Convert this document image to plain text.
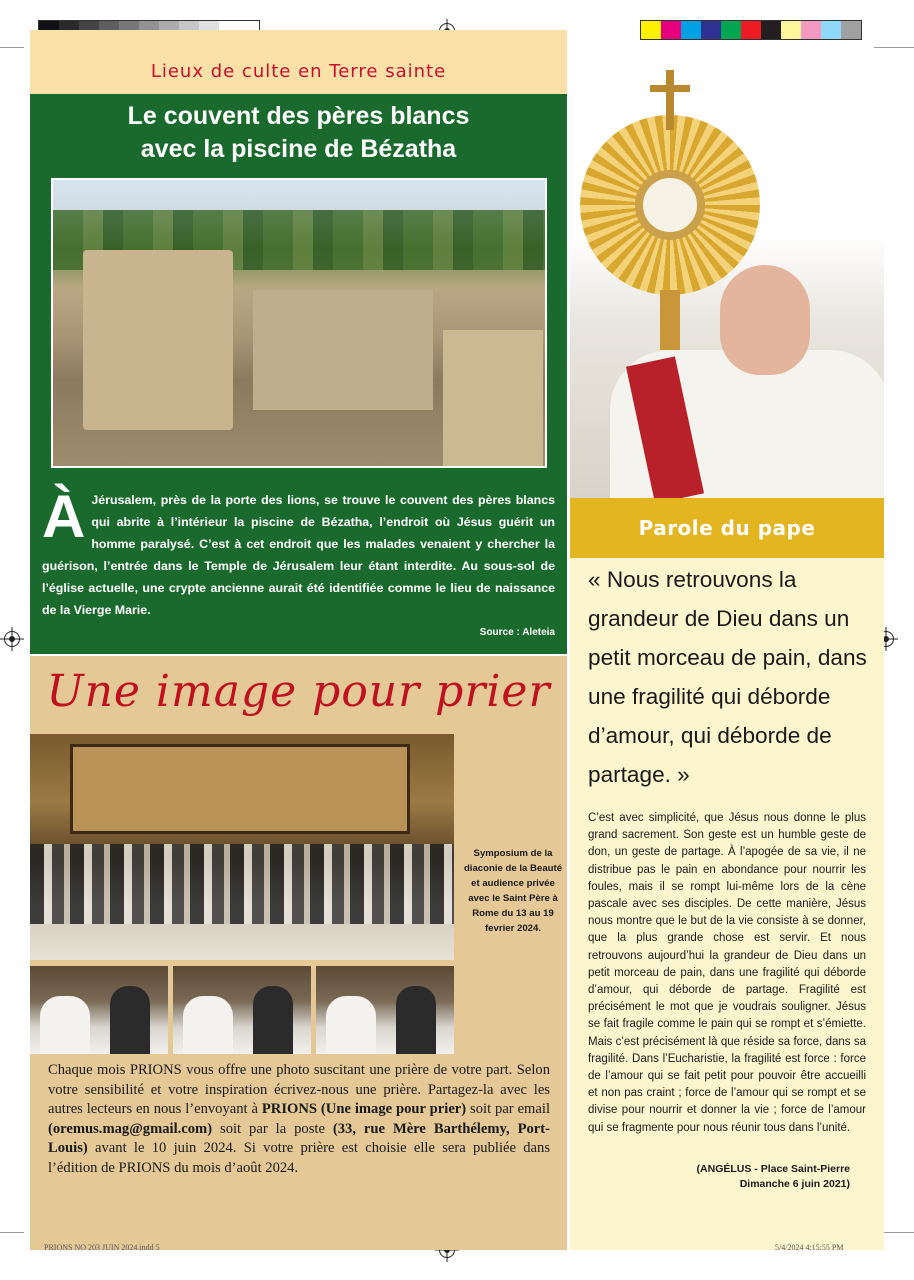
Lieux de culte en Terre sainte
Le couvent des pères blancs
avec la piscine de Bézatha
À Jérusalem, près de la porte des lions, se trouve le couvent des pères blancs qui abrite à l’intérieur la piscine de Bézatha, l’endroit où Jésus guérit un homme paralysé. C’est à cet endroit que les malades venaient y chercher la guérison, l’entrée dans le Temple de Jérusalem leur étant interdite. Au sous-sol de l’église actuelle, une crypte ancienne aurait été identifiée comme le lieu de naissance de la Vierge Marie.
Source : Aleteia
Une image pour prier
Symposium de la diaconie de la Beauté et audience privée avec le Saint Père à Rome du 13 au 19 fevrier 2024.
Chaque mois PRIONS vous offre une photo suscitant une prière de votre part. Selon votre sensibilité et votre inspiration écrivez-nous une prière. Partagez-la avec les autres lecteurs en nous l’envoyant à PRIONS (Une image pour prier) soit par email (oremus.mag@gmail.com) soit par la poste (33, rue Mère Barthélemy, Port-Louis) avant le 10 juin 2024. Si votre prière est choisie elle sera publiée dans l’édition de PRIONS du mois d’août 2024.
Parole du pape
« Nous retrouvons la grandeur de Dieu dans un petit morceau de pain, dans une fragilité qui déborde d’amour, qui déborde de partage. »
C’est avec simplicité, que Jésus nous donne le plus grand sacrement. Son geste est un humble geste de don, un geste de partage. À l’apogée de sa vie, il ne distribue pas le pain en abondance pour nourrir les foules, mais il se rompt lui-même lors de la cène pascale avec ses disciples. De cette manière, Jésus nous montre que le but de la vie consiste à se donner, que la plus grande chose est servir. Et nous retrouvons aujourd’hui la grandeur de Dieu dans un petit morceau de pain, dans une fragilité qui déborde d’amour, qui déborde de partage. Fragilité est précisément le mot que je voudrais souligner. Jésus se fait fragile comme le pain qui se rompt et s’émiette. Mais c’est précisément là que réside sa force, dans sa fragilité. Dans l’Eucharistie, la fragilité est force : force de l’amour qui se fait petit pour pouvoir être accueilli et non pas craint ; force de l’amour qui se rompt et se divise pour nourrir et donner la vie ; force de l’amour qui se fragmente pour nous réunir tous dans l’unité.
(ANGÉLUS - Place Saint-Pierre
Dimanche 6 juin 2021)
PRIONS NO 203 JUIN 2024.indd 5	5/4/2024 4:15:55 PM
